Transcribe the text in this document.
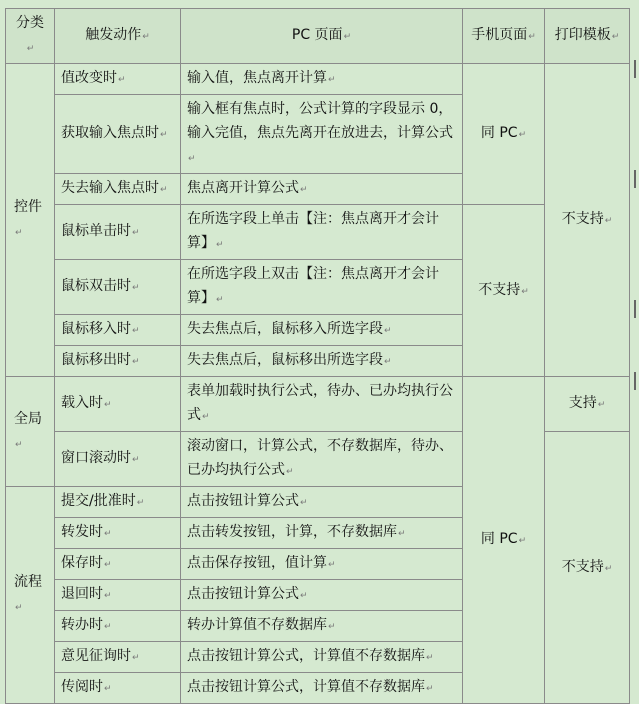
分类↵	触发动作↵	PC 页面↵	手机页面↵	打印模板↵
控件↵	值改变时↵	输入值，焦点离开计算↵	同 PC↵	不支持↵
	获取输入焦点时↵	输入框有焦点时，公式计算的字段显示 0，输入完值，焦点先离开在放进去，计算公式↵		
	失去输入焦点时↵	焦点离开计算公式↵		
	鼠标单击时↵	在所选字段上单击【注：焦点离开才会计算】↵	不支持↵	
	鼠标双击时↵	在所选字段上双击【注：焦点离开才会计算】↵		
	鼠标移入时↵	失去焦点后，鼠标移入所选字段↵		
	鼠标移出时↵	失去焦点后，鼠标移出所选字段↵		
全局↵	载入时↵	表单加载时执行公式，待办、已办均执行公式↵	同 PC↵	支持↵
	窗口滚动时↵	滚动窗口，计算公式，不存数据库，待办、已办均执行公式↵		不支持↵
流程↵	提交/批准时↵	点击按钮计算公式↵		
	转发时↵	点击转发按钮，计算，不存数据库↵		
	保存时↵	点击保存按钮，值计算↵		
	退回时↵	点击按钮计算公式↵		
	转办时↵	转办计算值不存数据库↵		
	意见征询时↵	点击按钮计算公式，计算值不存数据库↵		
	传阅时↵	点击按钮计算公式，计算值不存数据库↵		
